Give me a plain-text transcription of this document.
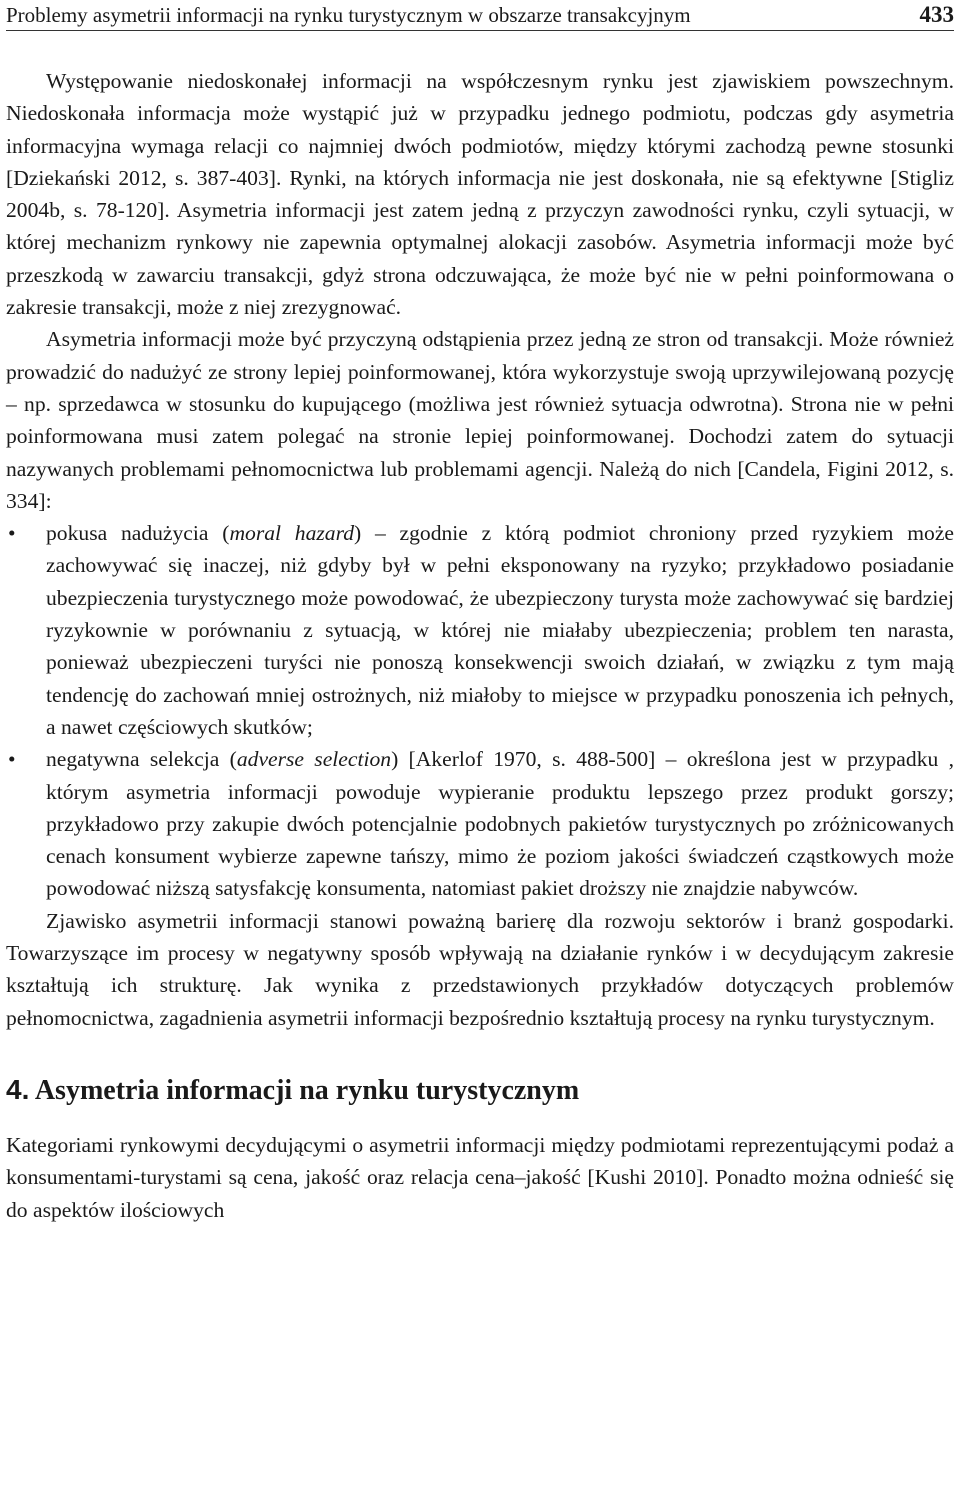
Problemy asymetrii informacji na rynku turystycznym w obszarze transakcyjnym	433

Występowanie niedoskonałej informacji na współczesnym rynku jest zjawiskiem powszechnym. Niedoskonała informacja może wystąpić już w przypadku jednego podmiotu, podczas gdy asymetria informacyjna wymaga relacji co najmniej dwóch podmiotów, między którymi zachodzą pewne stosunki [Dziekański 2012, s. 387-403]. Rynki, na których informacja nie jest doskonała, nie są efektywne [Stigliz 2004b, s. 78-120]. Asymetria informacji jest zatem jedną z przyczyn zawodności rynku, czyli sytuacji, w której mechanizm rynkowy nie zapewnia optymalnej alokacji zasobów. Asymetria informacji może być przeszkodą w zawarciu transakcji, gdyż strona odczuwająca, że może być nie w pełni poinformowana o zakresie transakcji, może z niej zrezygnować.

Asymetria informacji może być przyczyną odstąpienia przez jedną ze stron od transakcji. Może również prowadzić do nadużyć ze strony lepiej poinformowanej, która wykorzystuje swoją uprzywilejowaną pozycję – np. sprzedawca w stosunku do kupującego (możliwa jest również sytuacja odwrotna). Strona nie w pełni poinformowana musi zatem polegać na stronie lepiej poinformowanej. Dochodzi zatem do sytuacji nazywanych problemami pełnomocnictwa lub problemami agencji. Należą do nich [Candela, Figini 2012, s. 334]:

• pokusa nadużycia (moral hazard) – zgodnie z którą podmiot chroniony przed ryzykiem może zachowywać się inaczej, niż gdyby był w pełni eksponowany na ryzyko; przykładowo posiadanie ubezpieczenia turystycznego może powodować, że ubezpieczony turysta może zachowywać się bardziej ryzykownie w porównaniu z sytuacją, w której nie miałaby ubezpieczenia; problem ten narasta, ponieważ ubezpieczeni turyści nie ponoszą konsekwencji swoich działań, w związku z tym mają tendencję do zachowań mniej ostrożnych, niż miałoby to miejsce w przypadku ponoszenia ich pełnych, a nawet częściowych skutków;
• negatywna selekcja (adverse selection) [Akerlof 1970, s. 488-500] – określona jest w przypadku , którym asymetria informacji powoduje wypieranie produktu lepszego przez produkt gorszy; przykładowo przy zakupie dwóch potencjalnie podobnych pakietów turystycznych po zróżnicowanych cenach konsument wybierze zapewne tańszy, mimo że poziom jakości świadczeń cząstkowych może powodować niższą satysfakcję konsumenta, natomiast pakiet droższy nie znajdzie nabywców.

Zjawisko asymetrii informacji stanowi poważną barierę dla rozwoju sektorów i branż gospodarki. Towarzyszące im procesy w negatywny sposób wpływają na działanie rynków i w decydującym zakresie kształtują ich strukturę. Jak wynika z przedstawionych przykładów dotyczących problemów pełnomocnictwa, zagadnienia asymetrii informacji bezpośrednio kształtują procesy na rynku turystycznym.

4. Asymetria informacji na rynku turystycznym

Kategoriami rynkowymi decydującymi o asymetrii informacji między podmiotami reprezentującymi podaż a konsumentami-turystami są cena, jakość oraz relacja cena–jakość [Kushi 2010]. Ponadto można odnieść się do aspektów ilościowych
